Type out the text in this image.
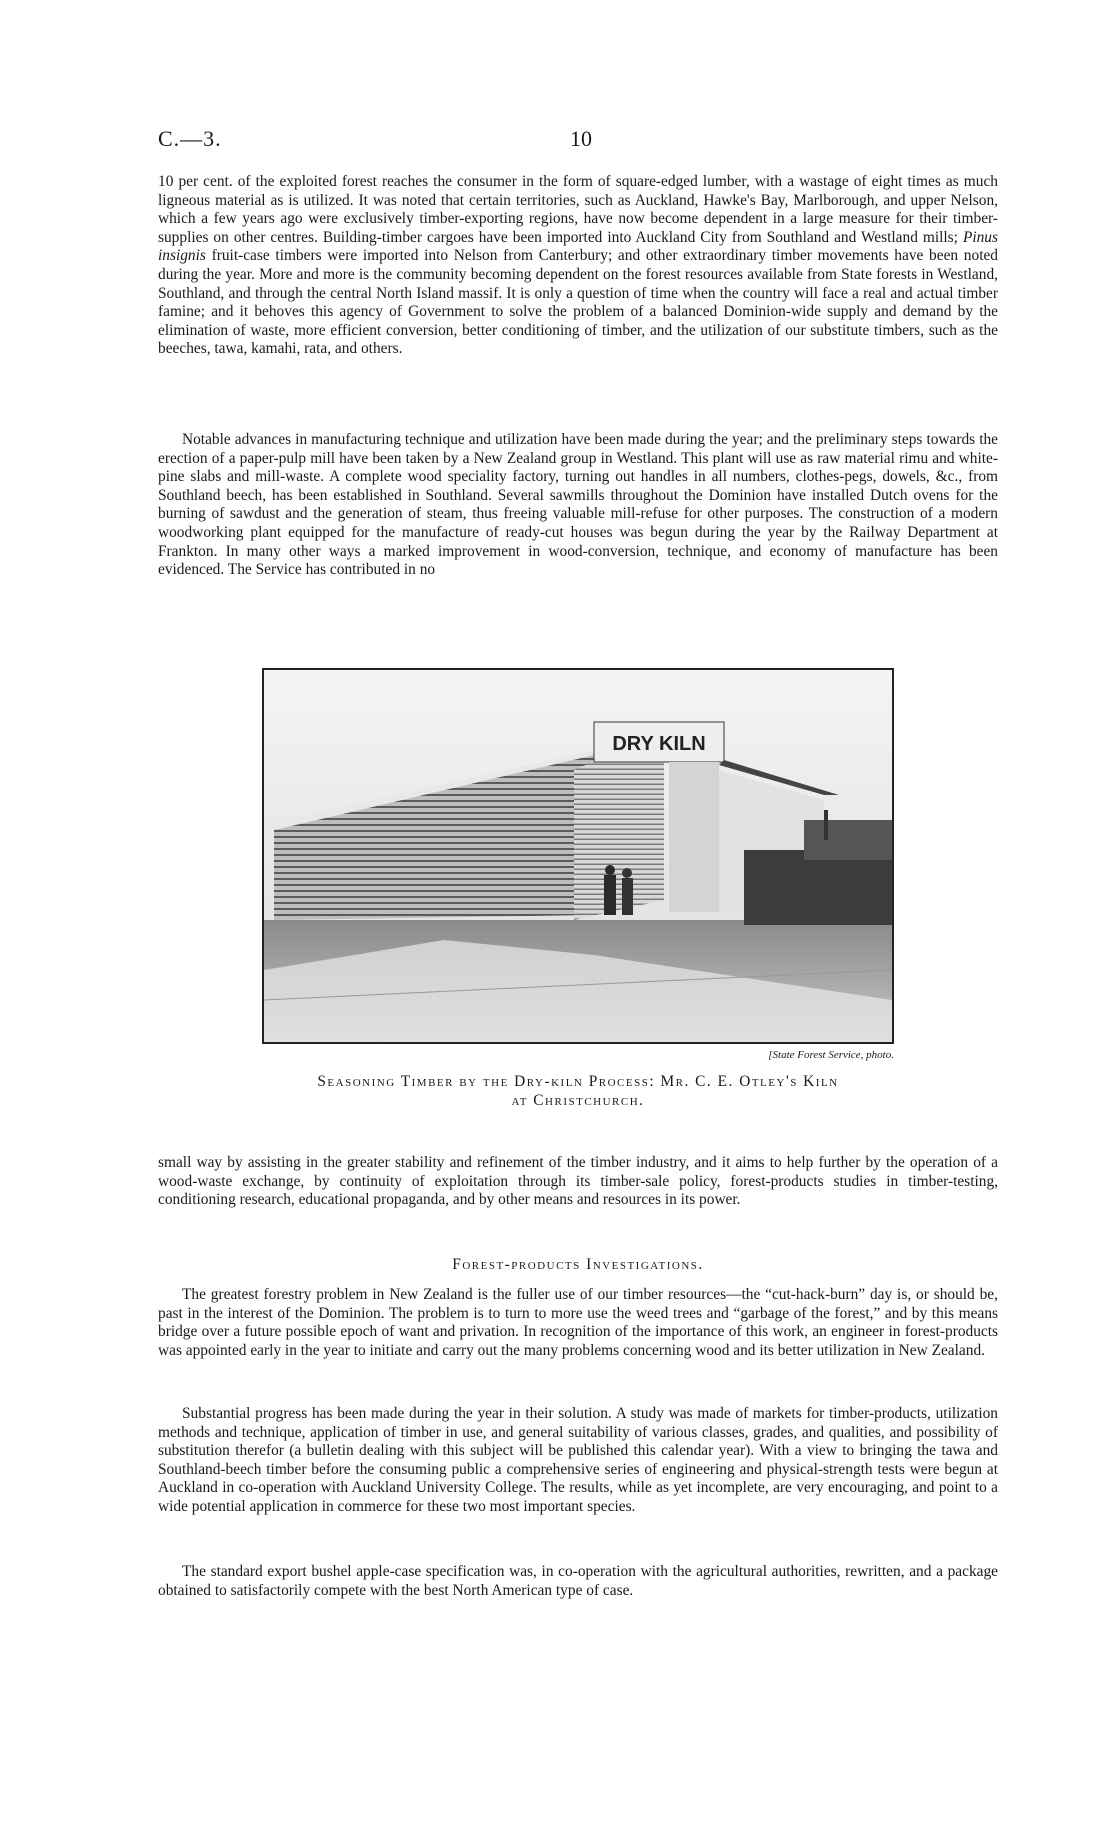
C.—3.	10

10 per cent. of the exploited forest reaches the consumer in the form of square-edged lumber, with a wastage of eight times as much ligneous material as is utilized. It was noted that certain territories, such as Auckland, Hawke's Bay, Marlborough, and upper Nelson, which a few years ago were exclusively timber-exporting regions, have now become dependent in a large measure for their timber-supplies on other centres. Building-timber cargoes have been imported into Auckland City from Southland and Westland mills; Pinus insignis fruit-case timbers were imported into Nelson from Canterbury; and other extraordinary timber movements have been noted during the year. More and more is the community becoming dependent on the forest resources available from State forests in Westland, Southland, and through the central North Island massif. It is only a question of time when the country will face a real and actual timber famine; and it behoves this agency of Government to solve the problem of a balanced Dominion-wide supply and demand by the elimination of waste, more efficient conversion, better conditioning of timber, and the utilization of our substitute timbers, such as the beeches, tawa, kamahi, rata, and others.

Notable advances in manufacturing technique and utilization have been made during the year; and the preliminary steps towards the erection of a paper-pulp mill have been taken by a New Zealand group in Westland. This plant will use as raw material rimu and white-pine slabs and mill-waste. A complete wood speciality factory, turning out handles in all numbers, clothes-pegs, dowels, &c., from Southland beech, has been established in Southland. Several sawmills throughout the Dominion have installed Dutch ovens for the burning of sawdust and the generation of steam, thus freeing valuable mill-refuse for other purposes. The construction of a modern woodworking plant equipped for the manufacture of ready-cut houses was begun during the year by the Railway Department at Frankton. In many other ways a marked improvement in wood-conversion, technique, and economy of manufacture has been evidenced. The Service has contributed in no

DRY KILN
[State Forest Service, photo.
Seasoning Timber by the Dry-kiln Process: Mr. C. E. Otley's Kiln
at Christchurch.

small way by assisting in the greater stability and refinement of the timber industry, and it aims to help further by the operation of a wood-waste exchange, by continuity of exploitation through its timber-sale policy, forest-products studies in timber-testing, conditioning research, educational propaganda, and by other means and resources in its power.

Forest-products Investigations.

The greatest forestry problem in New Zealand is the fuller use of our timber resources—the “cut-hack-burn” day is, or should be, past in the interest of the Dominion. The problem is to turn to more use the weed trees and “garbage of the forest,” and by this means bridge over a future possible epoch of want and privation. In recognition of the importance of this work, an engineer in forest-products was appointed early in the year to initiate and carry out the many problems concerning wood and its better utilization in New Zealand.

Substantial progress has been made during the year in their solution. A study was made of markets for timber-products, utilization methods and technique, application of timber in use, and general suitability of various classes, grades, and qualities, and possibility of substitution therefor (a bulletin dealing with this subject will be published this calendar year). With a view to bringing the tawa and Southland-beech timber before the consuming public a comprehensive series of engineering and physical-strength tests were begun at Auckland in co-operation with Auckland University College. The results, while as yet incomplete, are very encouraging, and point to a wide potential application in commerce for these two most important species.

The standard export bushel apple-case specification was, in co-operation with the agricultural authorities, rewritten, and a package obtained to satisfactorily compete with the best North American type of case.
